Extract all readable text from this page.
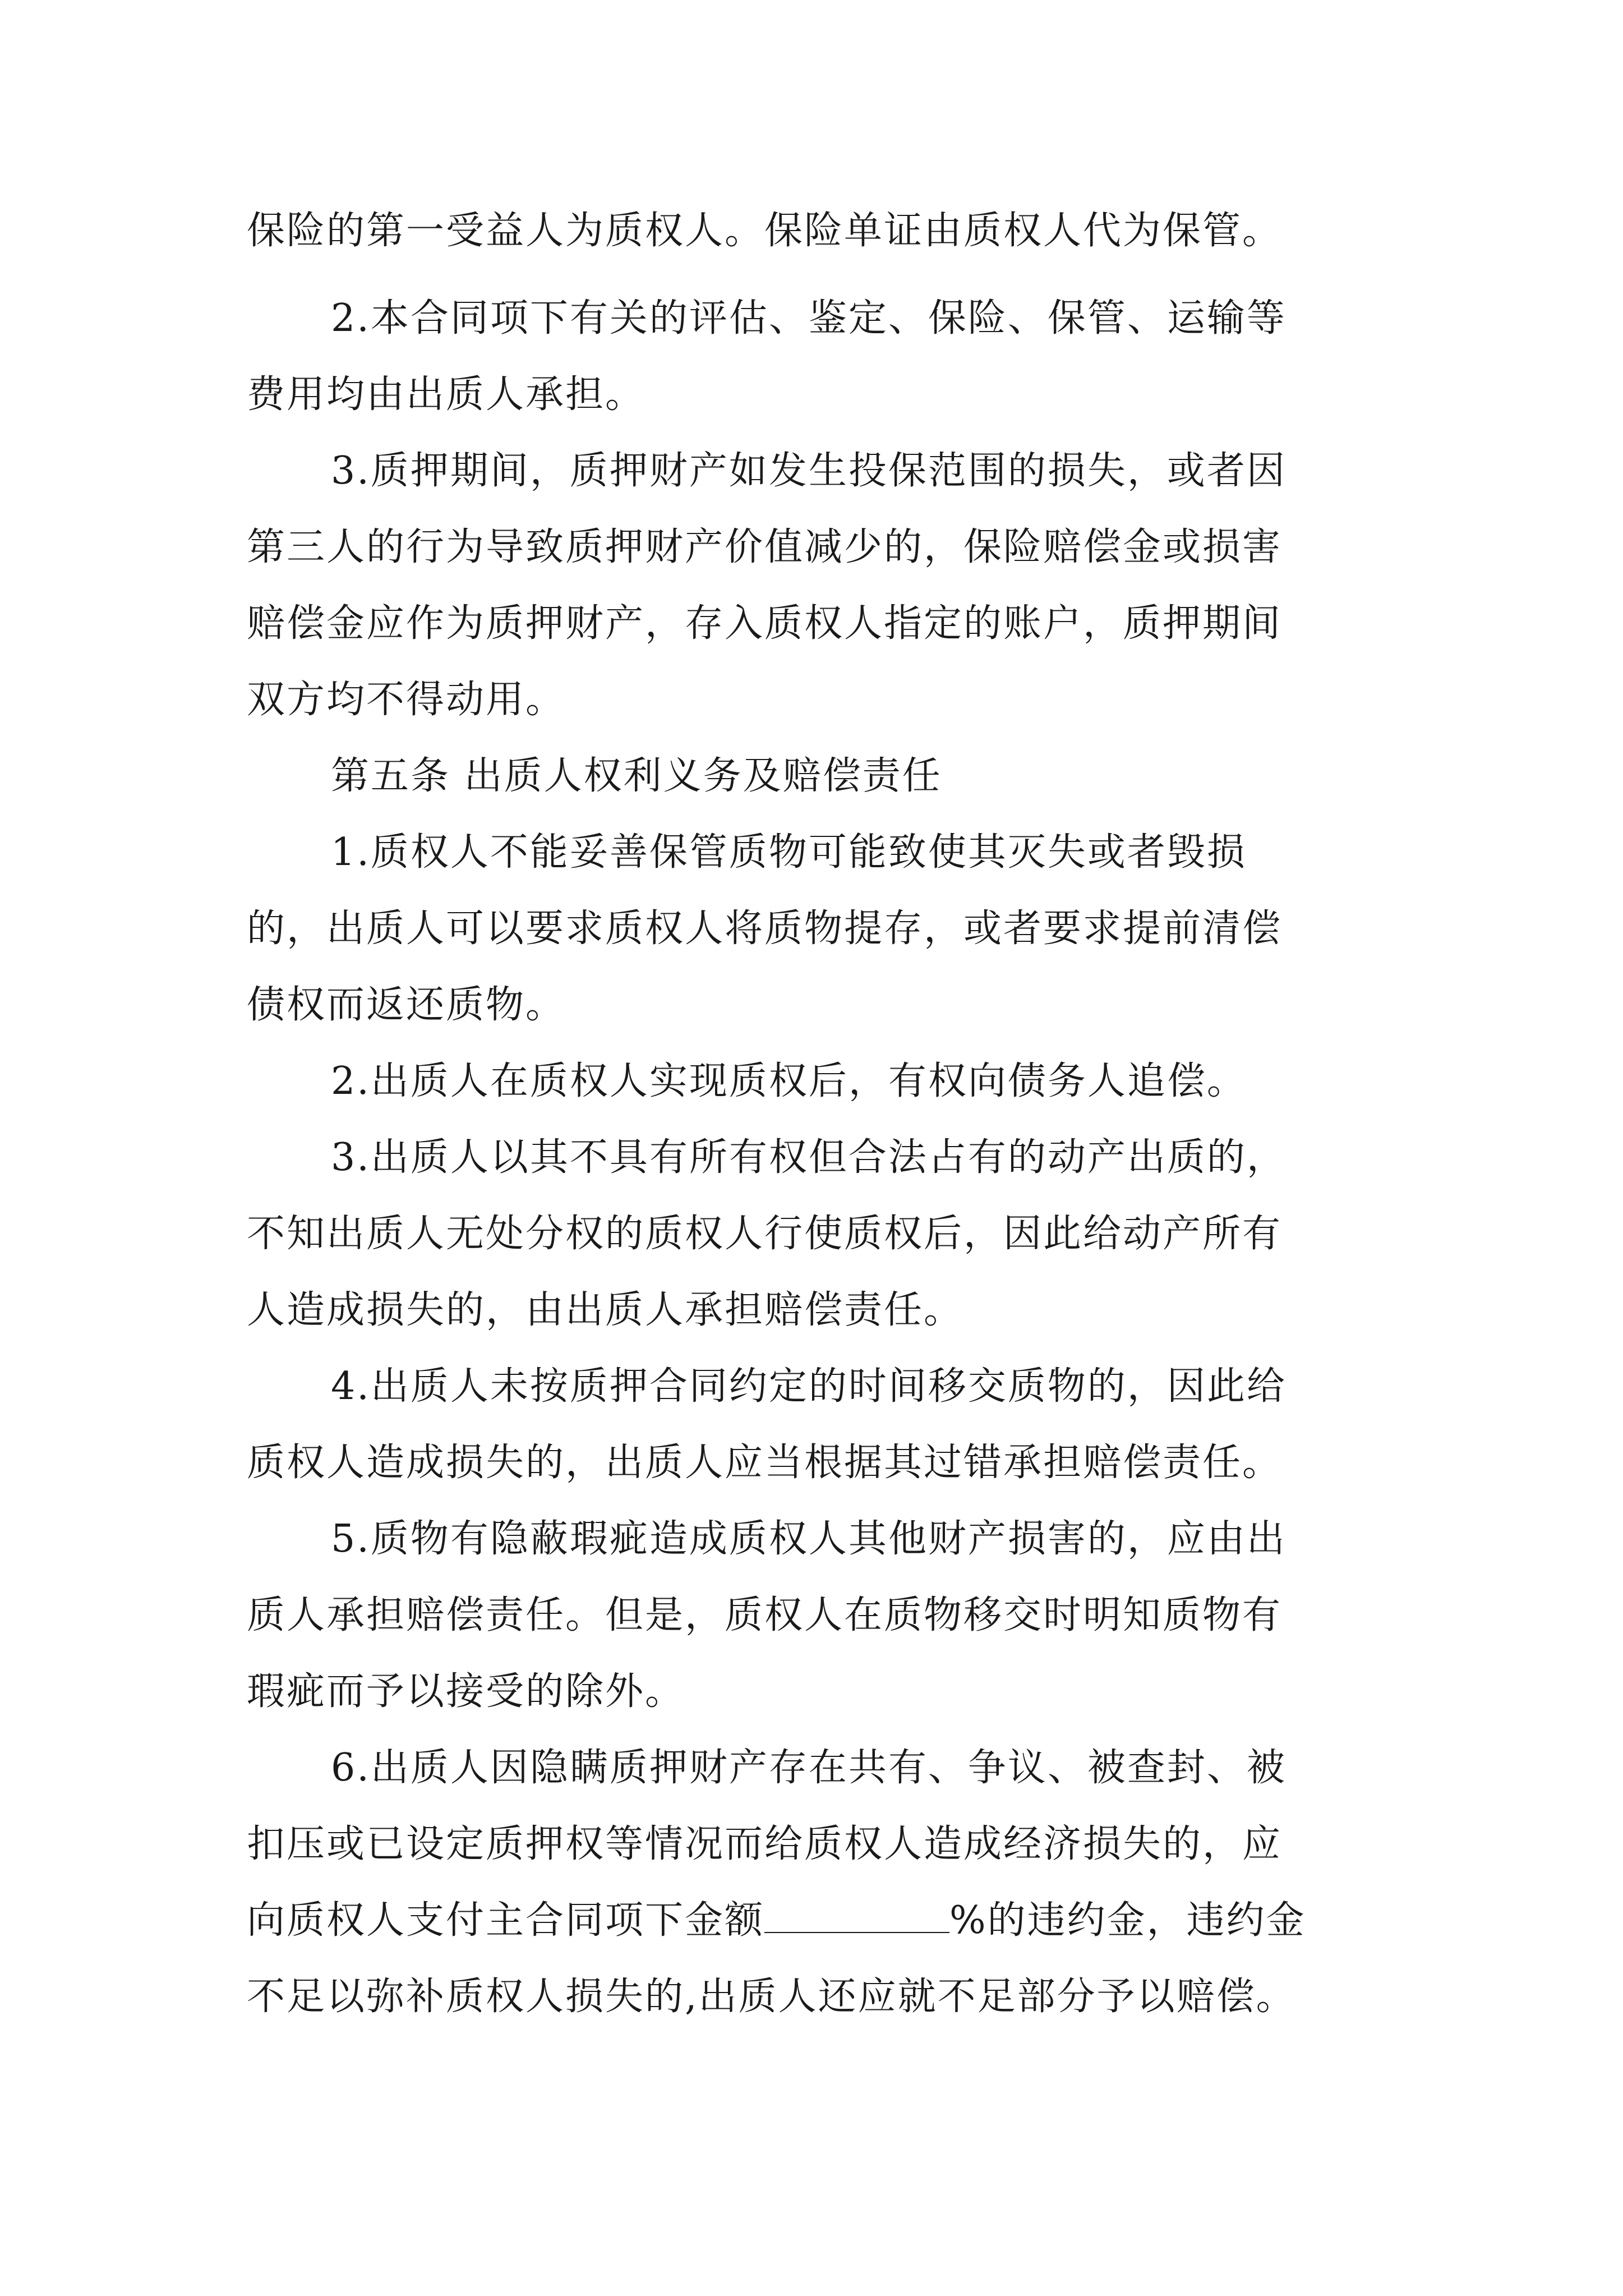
保险的第一受益人为质权人。保险单证由质权人代为保管。

2.本合同项下有关的评估、鉴定、保险、保管、运输等

费用均由出质人承担。

3.质押期间，质押财产如发生投保范围的损失，或者因

第三人的行为导致质押财产价值减少的，保险赔偿金或损害

赔偿金应作为质押财产，存入质权人指定的账户，质押期间

双方均不得动用。

第五条 出质人权利义务及赔偿责任

1.质权人不能妥善保管质物可能致使其灭失或者毁损

的，出质人可以要求质权人将质物提存，或者要求提前清偿

债权而返还质物。

2.出质人在质权人实现质权后，有权向债务人追偿。

3.出质人以其不具有所有权但合法占有的动产出质的，

不知出质人无处分权的质权人行使质权后，因此给动产所有

人造成损失的，由出质人承担赔偿责任。

4.出质人未按质押合同约定的时间移交质物的，因此给

质权人造成损失的，出质人应当根据其过错承担赔偿责任。

5.质物有隐蔽瑕疵造成质权人其他财产损害的，应由出

质人承担赔偿责任。但是，质权人在质物移交时明知质物有

瑕疵而予以接受的除外。

6.出质人因隐瞒质押财产存在共有、争议、被查封、被

扣压或已设定质押权等情况而给质权人造成经济损失的，应

向质权人支付主合同项下金额	%的违约金，违约金

不足以弥补质权人损失的,出质人还应就不足部分予以赔偿。
